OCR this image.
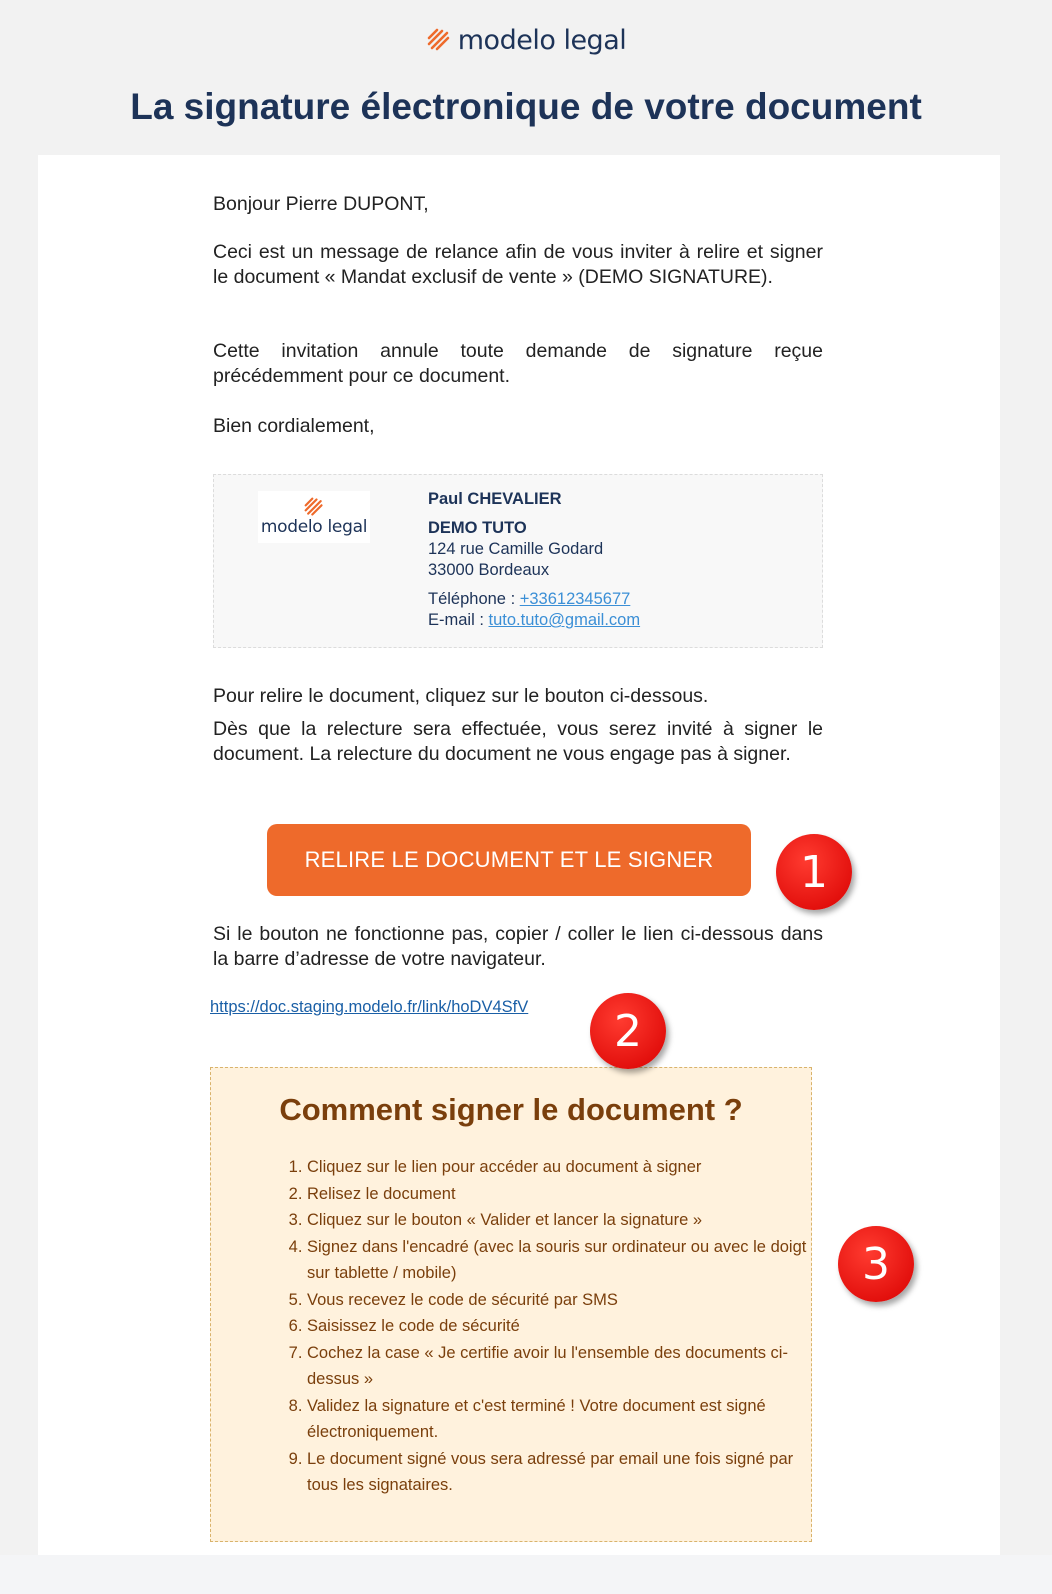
modelo legal
La signature électronique de votre document
Bonjour Pierre DUPONT,
Ceci est un message de relance afin de vous inviter à relire et signer le document « Mandat exclusif de vente » (DEMO SIGNATURE).
Cette invitation annule toute demande de signature reçue précédemment pour ce document.
Bien cordialement,
modelo legal
Paul CHEVALIER
DEMO TUTO
124 rue Camille Godard
33000 Bordeaux
Téléphone : +33612345677
E-mail : tuto.tuto@gmail.com
Pour relire le document, cliquez sur le bouton ci-dessous.
Dès que la relecture sera effectuée, vous serez invité à signer le document. La relecture du document ne vous engage pas à signer.
RELIRE LE DOCUMENT ET LE SIGNER
Si le bouton ne fonctionne pas, copier / coller le lien ci-dessous dans la barre d’adresse de votre navigateur.
https://doc.staging.modelo.fr/link/hoDV4SfV
Comment signer le document ?
1. Cliquez sur le lien pour accéder au document à signer
2. Relisez le document
3. Cliquez sur le bouton « Valider et lancer la signature »
4. Signez dans l'encadré (avec la souris sur ordinateur ou avec le doigt sur tablette / mobile)
5. Vous recevez le code de sécurité par SMS
6. Saisissez le code de sécurité
7. Cochez la case « Je certifie avoir lu l'ensemble des documents ci-dessus »
8. Validez la signature et c'est terminé ! Votre document est signé électroniquement.
9. Le document signé vous sera adressé par email une fois signé par tous les signataires.
1
2
3
